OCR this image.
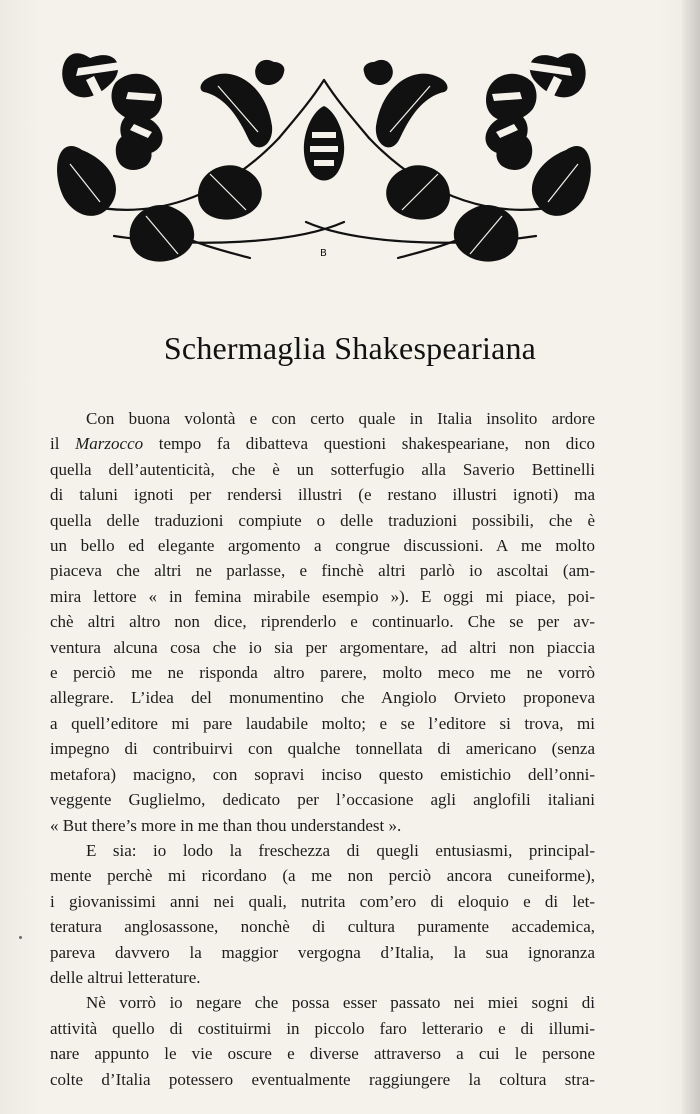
B
Schermaglia Shakespeariana
Con buona volontà e con certo quale in Italia insolito ardore
il Marzocco tempo fa dibatteva questioni shakespeariane, non dico
quella dell’autenticità, che è un sotterfugio alla Saverio Bettinelli
di taluni ignoti per rendersi illustri (e restano illustri ignoti) ma
quella delle traduzioni compiute o delle traduzioni possibili, che è
un bello ed elegante argomento a congrue discussioni. A me molto
piaceva che altri ne parlasse, e finchè altri parlò io ascoltai (am-
mira lettore « in femina mirabile esempio »). E oggi mi piace, poi-
chè altri altro non dice, riprenderlo e continuarlo. Che se per av-
ventura alcuna cosa che io sia per argomentare, ad altri non piaccia
e perciò me ne risponda altro parere, molto meco me ne vorrò
allegrare. L’idea del monumentino che Angiolo Orvieto proponeva
a quell’editore mi pare laudabile molto; e se l’editore si trova, mi
impegno di contribuirvi con qualche tonnellata di americano (senza
metafora) macigno, con sopravi inciso questo emistichio dell’onni-
veggente Guglielmo, dedicato per l’occasione agli anglofili italiani
« But there’s more in me than thou understandest ».
E sia: io lodo la freschezza di quegli entusiasmi, principal-
mente perchè mi ricordano (a me non perciò ancora cuneiforme),
i giovanissimi anni nei quali, nutrita com’ero di eloquio e di let-
teratura anglosassone, nonchè di cultura puramente accademica,
pareva davvero la maggior vergogna d’Italia, la sua ignoranza
delle altrui letterature.
Nè vorrò io negare che possa esser passato nei miei sogni di
attività quello di costituirmi in piccolo faro letterario e di illumi-
nare appunto le vie oscure e diverse attraverso a cui le persone
colte d’Italia potessero eventualmente raggiungere la coltura stra-
